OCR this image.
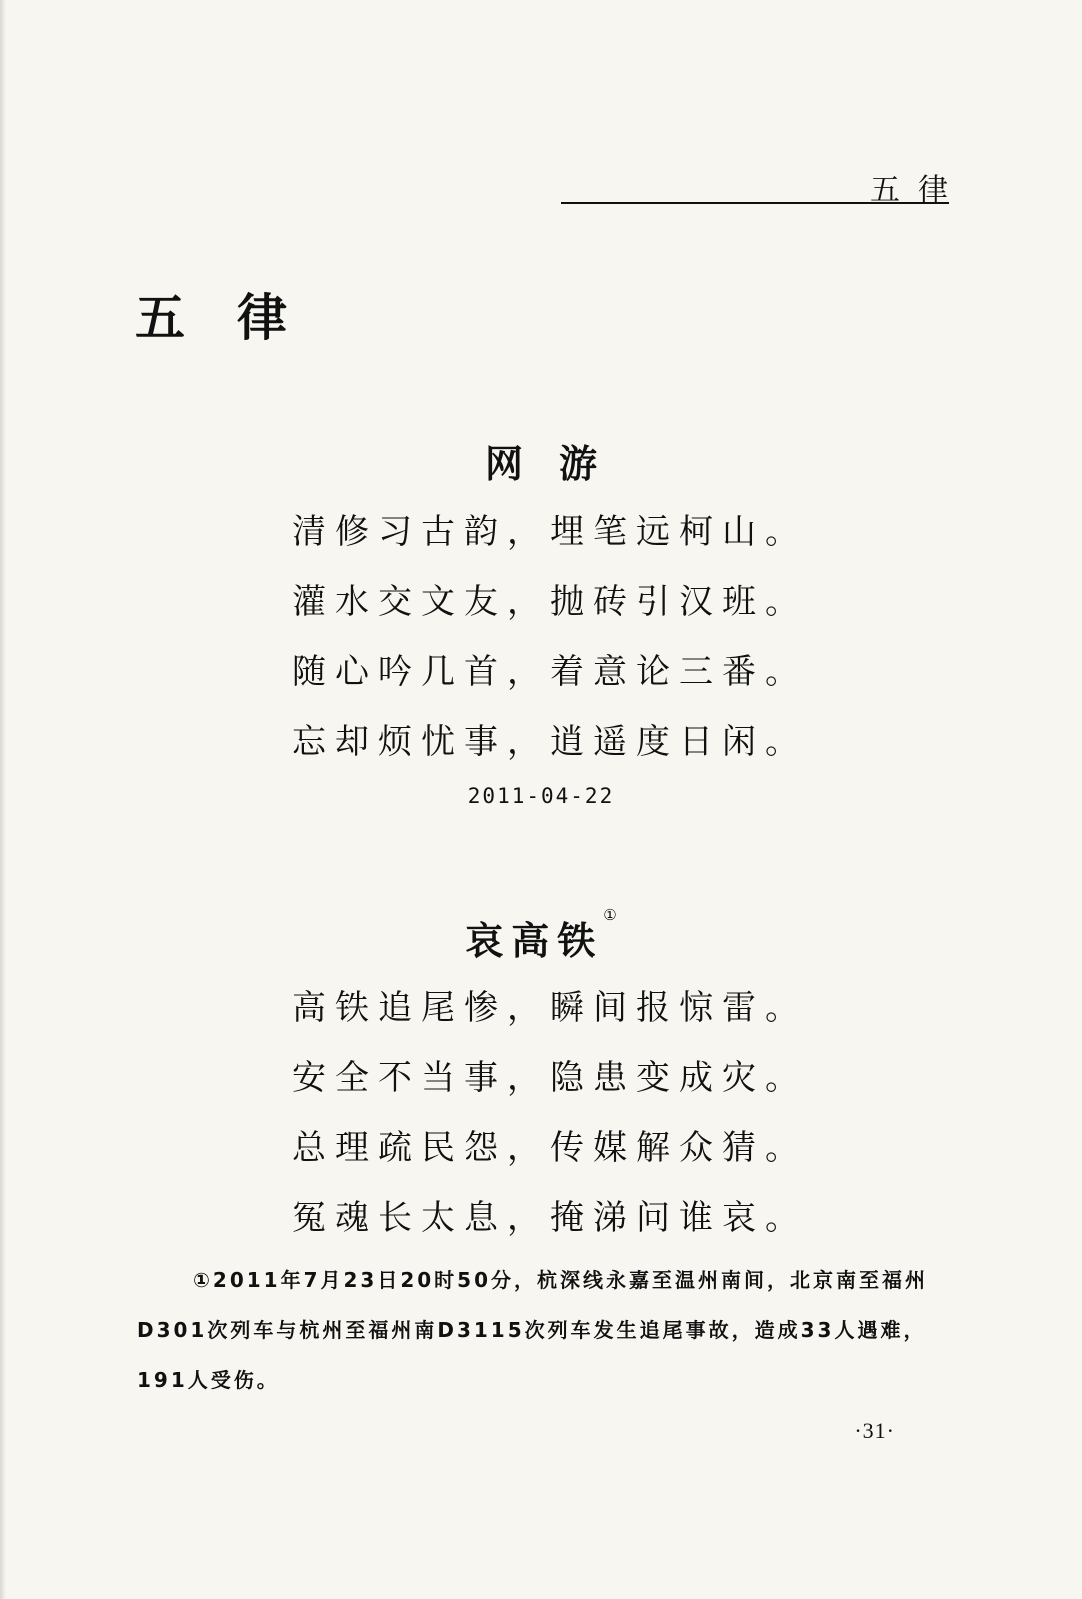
五律
五律
网游
清修习古韵，埋笔远柯山。
灌水交文友，抛砖引汉班。
随心吟几首，着意论三番。
忘却烦忧事，逍遥度日闲。
2011-04-22
哀高铁①
高铁追尾惨，瞬间报惊雷。
安全不当事，隐患变成灾。
总理疏民怨，传媒解众猜。
冤魂长太息，掩涕问谁哀。

①2011年7月23日20时50分，杭深线永嘉至温州南间，北京南至福州D301次列车与杭州至福州南D3115次列车发生追尾事故，造成33人遇难，191人受伤。

·31·
